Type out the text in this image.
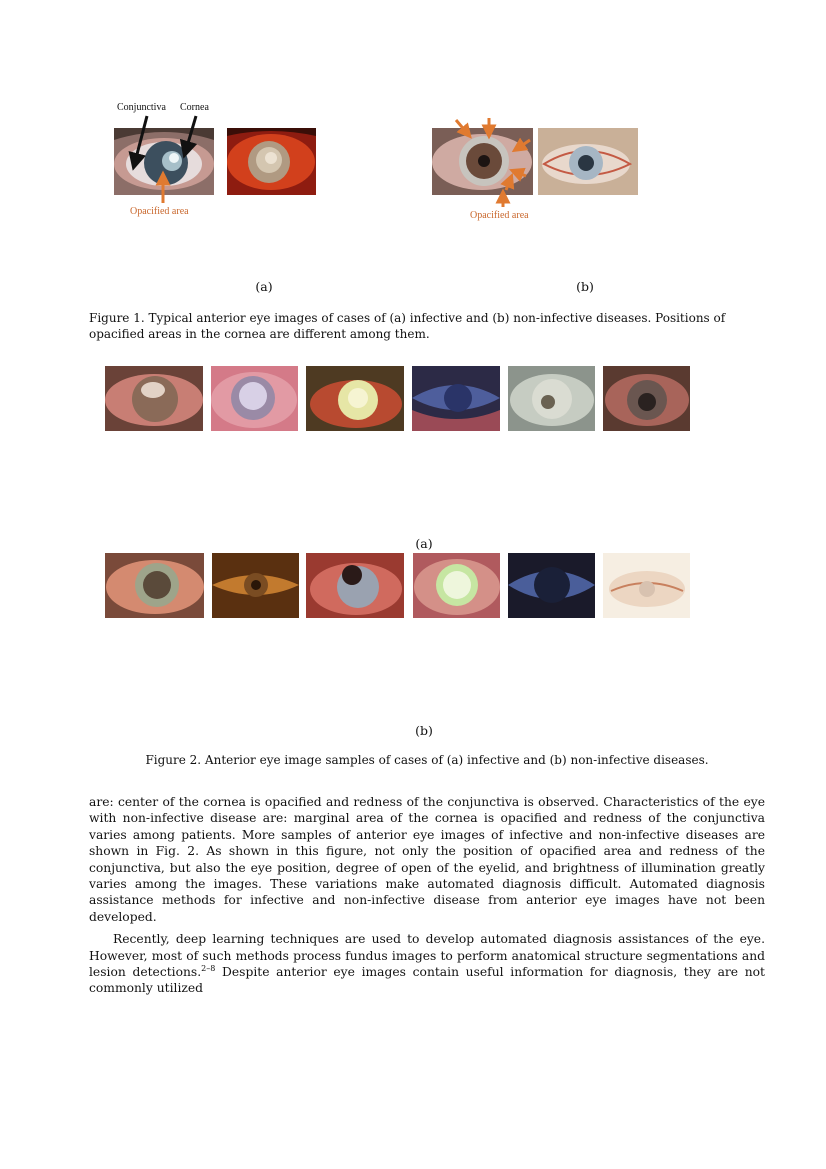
Conjunctiva Cornea
Opacified area	Opacified area
(a)	(b)
Figure 1. Typical anterior eye images of cases of (a) infective and (b) non-infective diseases. Positions of opacified areas in the cornea are different among them.
(a)
(b)
Figure 2. Anterior eye image samples of cases of (a) infective and (b) non-infective diseases.

are: center of the cornea is opacified and redness of the conjunctiva is observed. Characteristics of the eye with non-infective disease are: marginal area of the cornea is opacified and redness of the conjunctiva varies among patients. More samples of anterior eye images of infective and non-infective diseases are shown in Fig. 2. As shown in this figure, not only the position of opacified area and redness of the conjunctiva, but also the eye position, degree of open of the eyelid, and brightness of illumination greatly varies among the images. These variations make automated diagnosis difficult. Automated diagnosis assistance methods for infective and non-infective disease from anterior eye images have not been developed.

Recently, deep learning techniques are used to develop automated diagnosis assistances of the eye. However, most of such methods process fundus images to perform anatomical structure segmentations and lesion detections.$^{2-8}$ Despite anterior eye images contain useful information for diagnosis, they are not commonly utilized
